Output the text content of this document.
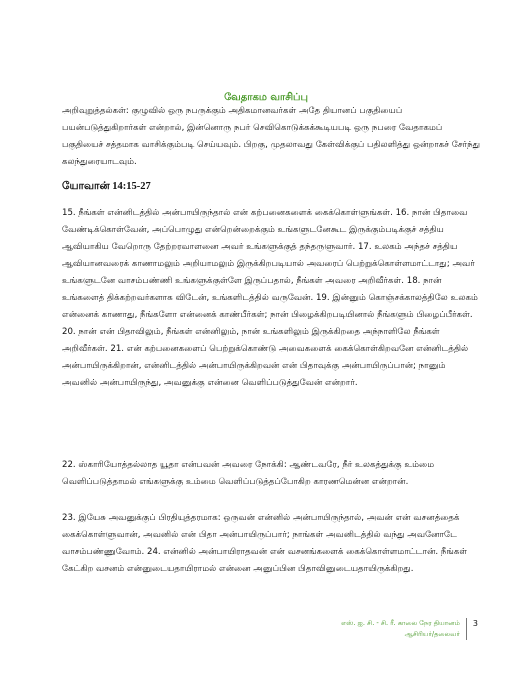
வேதாகம வாசிப்பு

அறிவுறுத்தல்கள்: குழுவில் ஒரு நபருக்கும் அதிகமானவர்கள் அதே தியானப் பகுதியைப் பயன்படுத்துகிறார்கள் என்றால், இன்னொரு நபர் செவிகொடுக்கக்கூடியபடி ஒரு நபரை வேதாகமப் பகுதியைச் சத்தமாக வாசிக்கும்படி செய்யவும். பிறகு, முதலாவது கேள்விக்குப் பதிலளித்து ஒன்றாகச் சேர்ந்து கலந்துரையாடவும்.

யோவான் 14:15-27

15. நீங்கள் என்னிடத்தில் அன்பாயிருந்தால் என் கற்பனைகளைக் கைக்கொள்ளுங்கள். 16. நான் பிதாவை வேண்டிக்கொள்வேன், அப்பொழுது என்றென்றைக்கும் உங்களுடனேகூட இருக்கும்படிக்குச் சத்திய ஆவியாகிய வேறொரு தேற்றரவாளனை அவர் உங்களுக்குத் தந்தருளுவார். 17. உலகம் அந்தச் சத்திய ஆவியானவரைக் காணாமலும் அறியாமலும் இருக்கிறபடியால் அவரைப் பெற்றுக்கொள்ளமாட்டாது; அவர் உங்களுடனே வாசம்பண்ணி உங்களுக்குள்ளே இருப்பதால், நீங்கள் அவரை அறிவீர்கள். 18. நான் உங்களைத் திக்கற்றவர்களாக விடேன், உங்களிடத்தில் வருவேன். 19. இன்னும் கொஞ்சக்காலத்திலே உலகம் என்னைக் காணாது, நீங்களோ என்னைக் காண்பீர்கள்; நான் பிழைக்கிறபடியினால் நீங்களும் பிழைப்பீர்கள். 20. நான் என் பிதாவிலும், நீங்கள் என்னிலும், நான் உங்களிலும் இருக்கிறதை அந்நாளிலே நீங்கள் அறிவீர்கள். 21. என் கற்பனைகளைப் பெற்றுக்கொண்டு அவைகளைக் கைக்கொள்கிறவனே என்னிடத்தில் அன்பாயிருக்கிறான், என்னிடத்தில் அன்பாயிருக்கிறவன் என் பிதாவுக்கு அன்பாயிருப்பான்; நானும் அவனில் அன்பாயிருந்து, அவனுக்கு என்னை வெளிப்படுத்துவேன் என்றார்.

22. ஸ்காரியோத்தல்லாத யூதா என்பவன் அவரை நோக்கி: ஆண்டவரே, நீர் உலகத்துக்கு உம்மை வெளிப்படுத்தாமல் எங்களுக்கு உம்மை வெளிப்படுத்தப்போகிற காரணமென்ன என்றான்.

23. இயேசு அவனுக்குப் பிரதியுத்தரமாக: ஒருவன் என்னில் அன்பாயிருந்தால், அவன் என் வசனத்தைக் கைக்கொள்ளுவான், அவனில் என் பிதா அன்பாயிருப்பார்; நாங்கள் அவனிடத்தில் வந்து அவனோடே வாசம்பண்ணுவோம். 24. என்னில் அன்பாயிராதவன் என் வசனங்களைக் கைக்கொள்ளமாட்டான். நீங்கள் கேட்கிற வசனம் என்னுடையதாயிராமல் என்னை அனுப்பின பிதாவினுடையதாயிருக்கிறது.

எஸ். ஐ. சி. - சி. ரீ. காலை நேர தியானம்
ஆசிரியர்/தலைவர்
3
